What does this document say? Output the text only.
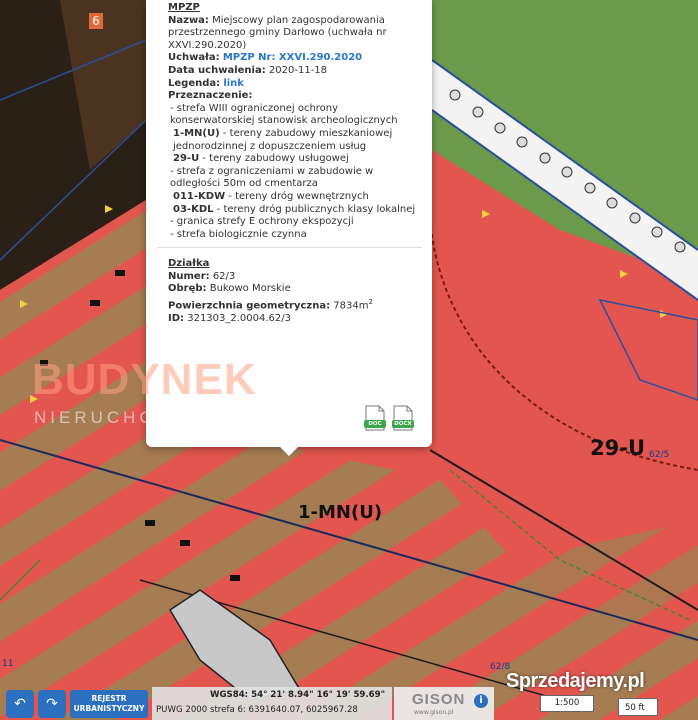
6
29-U 62/5
1-MN(U)
62/8
11
MPZP
Nazwa: Miejscowy plan zagospodarowania przestrzennego gminy Darłowo (uchwała nr XXVI.290.2020)
Uchwała: MPZP Nr: XXVI.290.2020
Data uchwalenia: 2020-11-18
Legenda: link
Przeznaczenie:
- strefa WIII ograniczonej ochrony konserwatorskiej stanowisk archeologicznych
1-MN(U) - tereny zabudowy mieszkaniowej jednorodzinnej z dopuszczeniem usług
29-U - tereny zabudowy usługowej
- strefa z ograniczeniami w zabudowie w odległości 50m od cmentarza
011-KDW - tereny dróg wewnętrznych
03-KDL - tereny dróg publicznych klasy lokalnej
- granica strefy E ochrony ekspozycji
- strefa biologicznie czynna
Działka
Numer: 62/3
Obręb: Bukowo Morskie
Powierzchnia geometryczna: $7834m^2$
ID: 321303_2.0004.62/3
DOC	DOCX
BUDYNEK
NIERUCHOMOŚCI
↶	↷	REJESTR
URBANISTYCZNY
WGS84: 54° 21' 8.94" 16° 19' 59.69"
PUWG 2000 strefa 6: 6391640.07, 6025967.28
GISON
www.gison.pl
i	1:500	50 ft
Sprzedajemy.pl
